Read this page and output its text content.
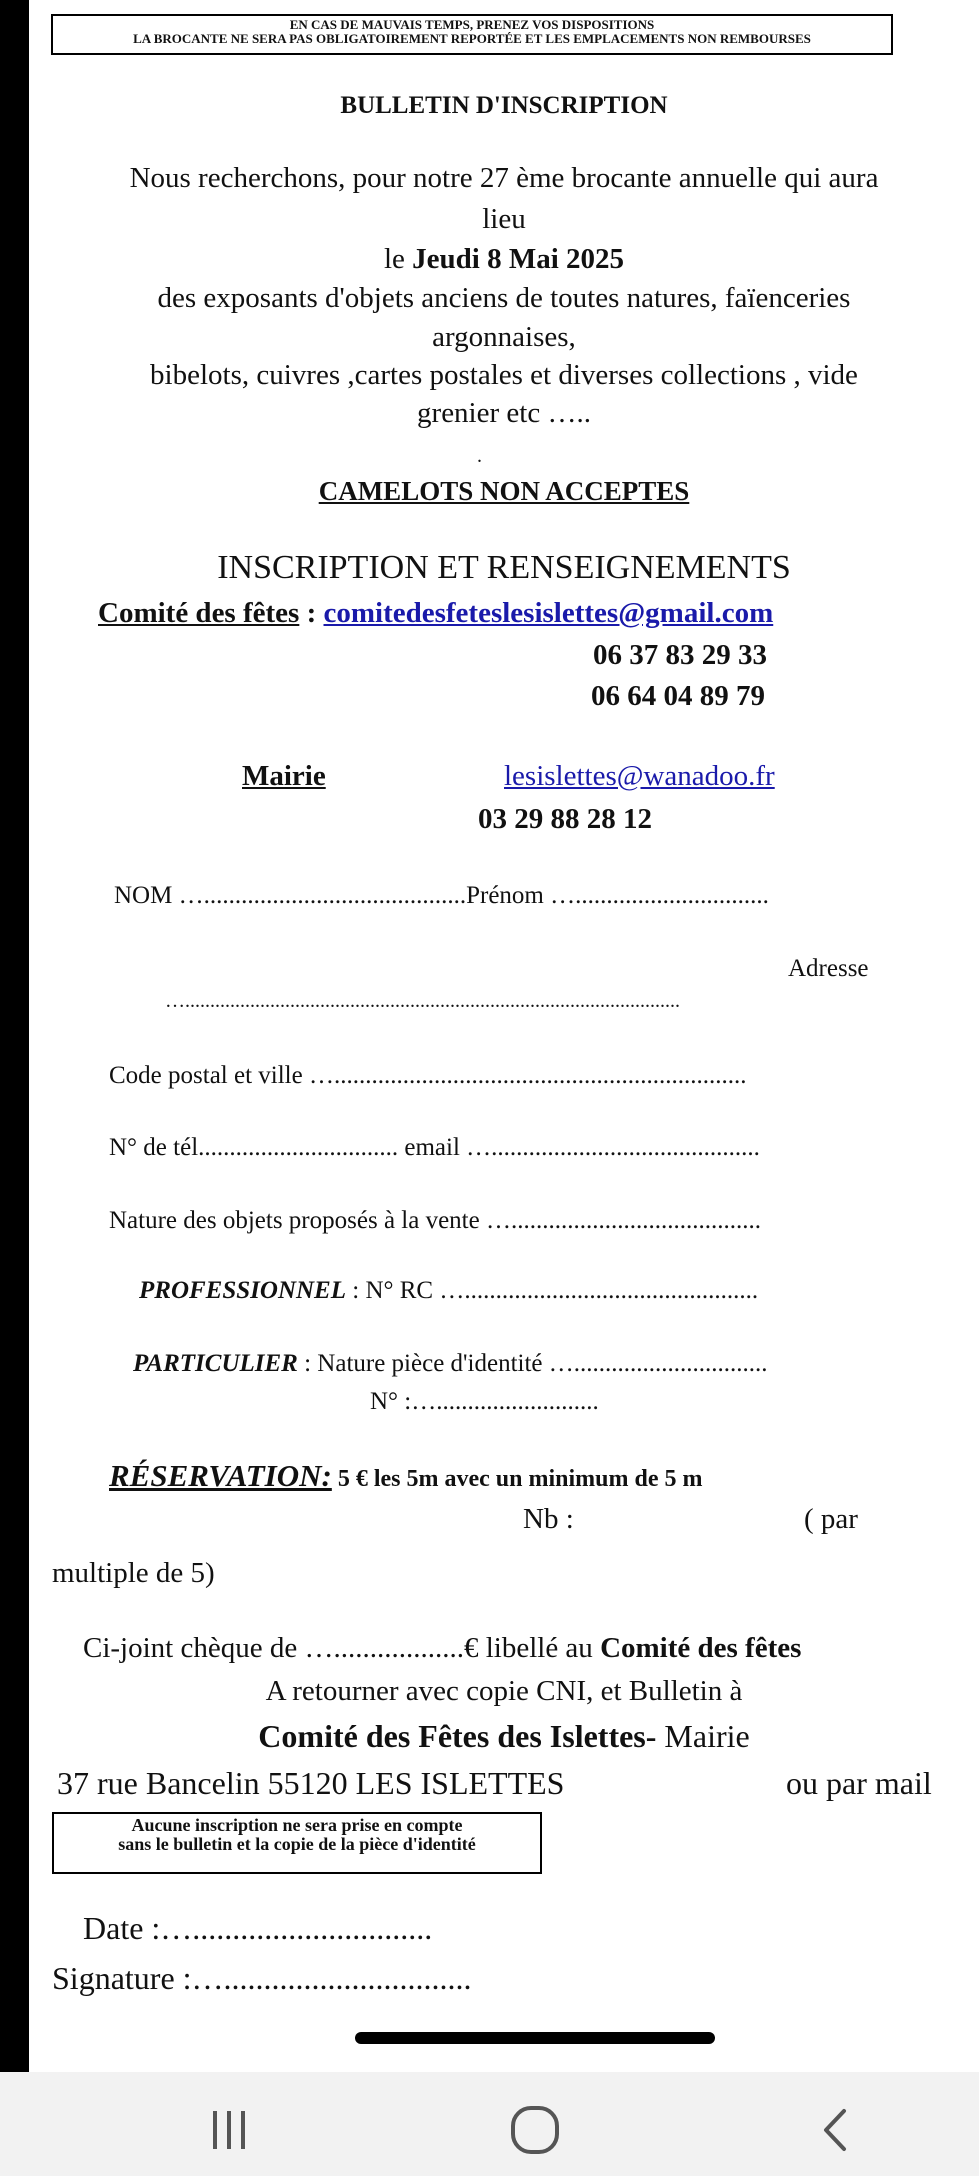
EN CAS DE MAUVAIS TEMPS, PRENEZ VOS DISPOSITIONS
LA BROCANTE NE SERA PAS OBLIGATOIREMENT REPORTÉE ET LES EMPLACEMENTS NON REMBOURSES
BULLETIN D'INSCRIPTION
Nous recherchons, pour notre 27 ème brocante annuelle qui aura
lieu
le Jeudi 8 Mai 2025
des exposants d'objets anciens de toutes natures, faïenceries
argonnaises,
bibelots, cuivres ,cartes postales et diverses collections , vide
grenier etc …..
.
CAMELOTS NON ACCEPTES
INSCRIPTION ET RENSEIGNEMENTS
Comité des fêtes : comitedesfeteslesislettes@gmail.com
06 37 83 29 33
06 64 04 89 79
Mairie	lesislettes@wanadoo.fr
03 29 88 28 12
NOM …..........................................Prénom …...............................
Adresse
…...................................................................................................
Code postal et ville …..................................................................
N° de tél................................ email …...........................................
Nature des objets proposés à la vente …........................................
PROFESSIONNEL : N° RC …...............................................
PARTICULIER : Nature pièce d'identité …...............................
N° :…..........................
RÉSERVATION: 5 € les 5m avec un minimum de 5 m
Nb :	( par
multiple de 5)
Ci-joint chèque de …..................€ libellé au Comité des fêtes
A retourner avec copie CNI, et Bulletin à
Comité des Fêtes des Islettes- Mairie
37 rue Bancelin 55120 LES ISLETTES	ou par mail
Aucune inscription ne sera prise en compte
sans le bulletin et la copie de la pièce d'identité
Date :…..............................
Signature :…...............................
